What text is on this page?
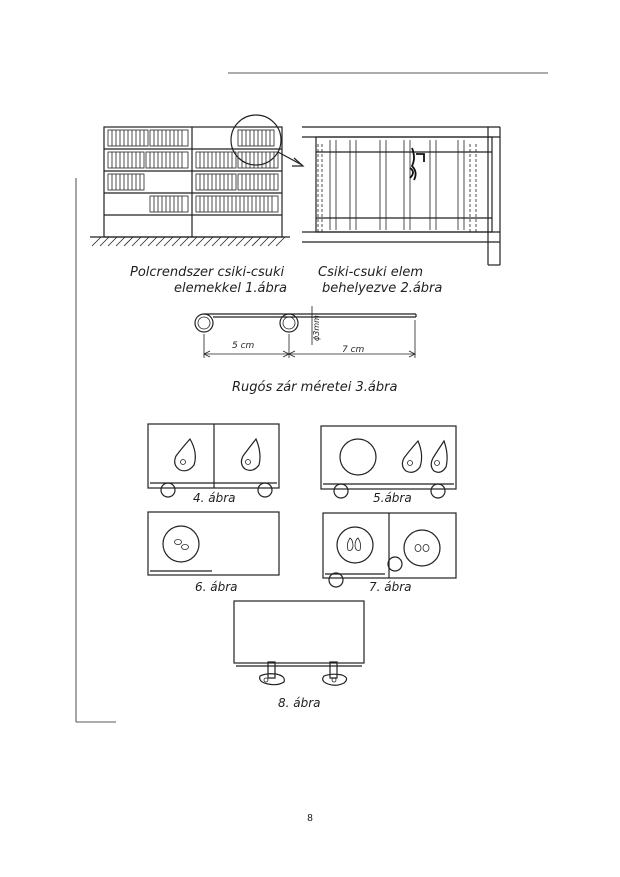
Polcrendszer csiki-csuki
elemekkel 1.ábra
Csiki-csuki elem
behelyezve 2.ábra
5 cm	7 cm
ϕ3mm
Rugós zár méretei 3.ábra
4. ábra	5.ábra
6. ábra	7. ábra
8. ábra
8
